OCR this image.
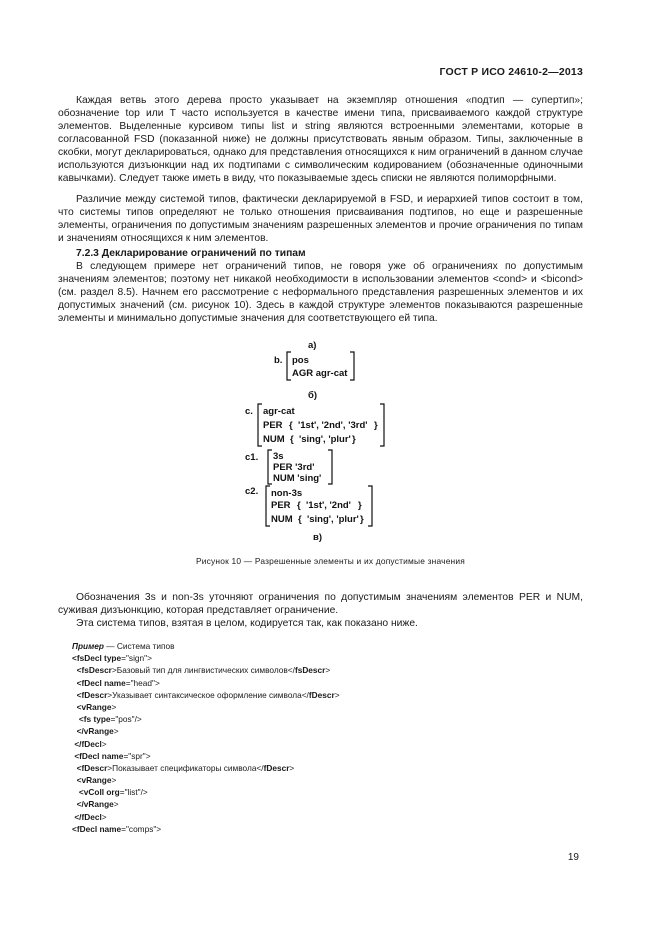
ГОСТ Р ИСО 24610-2—2013

Каждая ветвь этого дерева просто указывает на экземпляр отношения «подтип — супертип»; обозначение top или T часто используется в качестве имени типа, присваиваемого каждой структуре элементов. Выделенные курсивом типы list и string являются встроенными элементами, которые в согласованной FSD (показанной ниже) не должны присутствовать явным образом. Типы, заключенные в скобки, могут декларироваться, однако для представления относящихся к ним ограничений в данном случае используются дизъюнкции над их подтипами с символическим кодированием (обозначенные одиночными кавычками). Следует также иметь в виду, что показываемые здесь списки не являются полиморфными.

Различие между системой типов, фактически декларируемой в FSD, и иерархией типов состоит в том, что системы типов определяют не только отношения присваивания подтипов, но еще и разрешенные элементы, ограничения по допустимым значениям разрешенных элементов и прочие ограничения по типам и значениям относящихся к ним элементов.

7.2.3 Декларирование ограничений по типам

В следующем примере нет ограничений типов, не говоря уже об ограничениях по допустимым значениям элементов; поэтому нет никакой необходимости в использовании элементов <cond> и <bicond> (см. раздел 8.5). Начнем его рассмотрение с неформального представления разрешенных элементов и их допустимых значений (см. рисунок 10). Здесь в каждой структуре элементов показываются разрешенные элементы и минимально допустимые значения для соответствующего ей типа.

а)
b. pos
AGR agr-cat
б)
c. agr-cat
PER { '1st', '2nd', '3rd' }
NUM { 'sing', 'plur' }
c1. 3s
PER '3rd'
NUM 'sing'
c2. non-3s
PER { '1st', '2nd' }
NUM { 'sing', 'plur' }
в)
Рисунок 10 — Разрешенные элементы и их допустимые значения

Обозначения 3s и non-3s уточняют ограничения по допустимым значениям элементов PER и NUM, суживая дизъюнкцию, которая представляет ограничение.

Эта система типов, взятая в целом, кодируется так, как показано ниже.

Пример — Система типов
<fsDecl type="sign">
<fsDescr>Базовый тип для лингвистических символов</fsDescr>
<fDecl name="head">
<fDescr>Указывает синтаксическое оформление символа</fDescr>
<vRange>
<fs type="pos"/>
</vRange>
</fDecl>
<fDecl name="spr">
<fDescr>Показывает спецификаторы символа</fDescr>
<vRange>
<vColl org="list"/>
</vRange>
</fDecl>
<fDecl name="comps">
19
